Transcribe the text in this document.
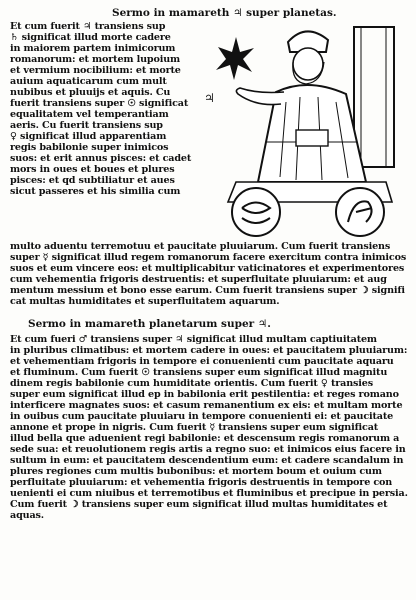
Sermo in mamareth ♃ super planetas.
Et cum fuerit ♃ transiens sup
♄ significat illud morte cadere
in maiorem partem inimicorum
romanorum: et mortem lupoium
et vermium nocibilium: et morte
auium aquaticarum cum mult
nubibus et pluuijs et aquis. Cu
fuerit transiens super ☉ significat
equalitatem vel temperantiam
aeris. Cu fuerit transiens sup
♀ significat illud apparentiam
regis babilonie super inimicos
suos: et erit annus pisces: et cadet
mors in oues et boues et plures
pisces: et qd subtiliatur et aues
sicut passeres et his similia cum
multo aduentu terremotuu et paucitate pluuiarum. Cum fuerit transiens
♃
super ☿ significat illud regem romanorum facere exercitum contra inimicos
suos et eum vincere eos: et multiplicabitur vaticinatores et experimentores
cum vehementia frigoris destruentis: et superfluitate pluuiarum: et aug
mentum messium et bono esse earum. Cum fuerit transiens super ☽ signifi
cat multas humiditates et superfluitatem aquarum.
Sermo in mamareth planetarum super ♃.
Et cum fueri ♂ transiens super ♃ significat illud multam captiuitatem
in pluribus climatibus: et mortem cadere in oues: et paucitatem pluuiarum:
et vehementiam frigoris in tempore ei conuenienti cum paucitate aquaru
et fluminum. Cum fuerit ☉ transiens super eum significat illud magnitu
dinem regis babilonie cum humiditate orientis. Cum fuerit ♀ transies
super eum significat illud ep in babilonia erit pestilentia: et reges romano
interficere magnates suos: et casum remanentium ex eis: et multam morte
in ouibus cum paucitate pluuiaru in tempore conuenienti ei: et paucitate
annone et prope in nigris. Cum fuerit ☿ transiens super eum significat
illud bella que aduenient regi babilonie: et descensum regis romanorum a
sede sua: et reuolutionem regis artis a regno suo: et inimicos eius facere in
sultum in eum: et paucitatem descendentium eum: et cadere scandalum in
plures regiones cum multis bubonibus: et mortem boum et ouium cum
perfluitate pluuiarum: et vehementia frigoris destruentis in tempore con
uenienti ei cum niuibus et terremotibus et fluminibus et precipue in persia.
Cum fuerit ☽ transiens super eum significat illud multas humiditates et
aquas.
